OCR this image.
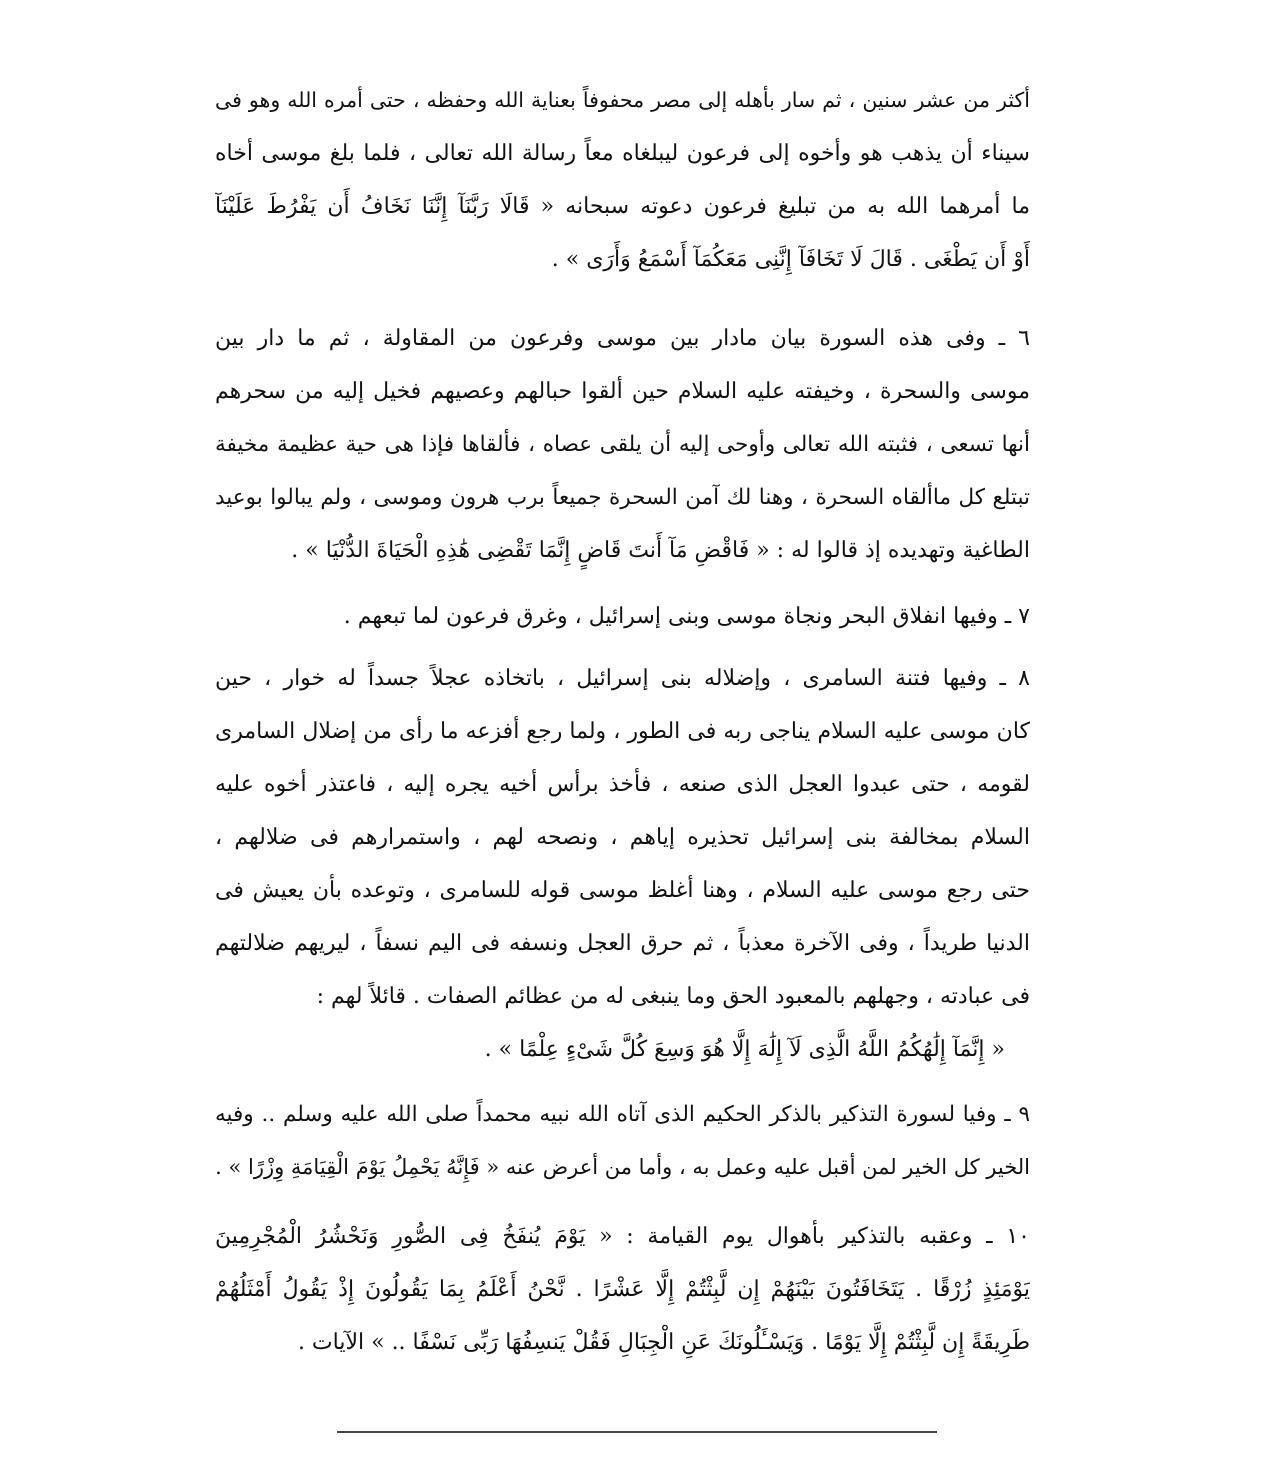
أكثر من عشر سنين ، ثم سار بأهله إلى مصر محفوفاً بعناية الله وحفظه ، حتى أمره الله وهو فى
سيناء أن يذهب هو وأخوه إلى فرعون ليبلغاه معاً رسالة الله تعالى ، فلما بلغ موسى أخاه
ما أمرهما الله به من تبليغ فرعون دعوته سبحانه « قَالَا رَبَّنَآ إِنَّنَا نَخَافُ أَن يَفْرُطَ عَلَيْنَآ
أَوْ أَن يَطْغَى . قَالَ لَا تَخَافَآ إِنَّنِى مَعَكُمَآ أَسْمَعُ وَأَرَى » .
٦ ـ وفى هذه السورة بيان مادار بين موسى وفرعون من المقاولة ، ثم ما دار بين
موسى والسحرة ، وخيفته عليه السلام حين ألقوا حبالهم وعصيهم فخيل إليه من سحرهم
أنها تسعى ، فثبته الله تعالى وأوحى إليه أن يلقى عصاه ، فألقاها فإذا هى حية عظيمة مخيفة
تبتلع كل ماألقاه السحرة ، وهنا لك آمن السحرة جميعاً برب هرون وموسى ، ولم يبالوا بوعيد
الطاغية وتهديده إذ قالوا له : « فَاقْضِ مَآ أَنتَ قَاضٍ إِنَّمَا تَقْضِى هَٰذِهِ الْحَيَاةَ الدُّنْيَا » .
٧ ـ وفيها انفلاق البحر ونجاة موسى وبنى إسرائيل ، وغرق فرعون لما تبعهم .
٨ ـ وفيها فتنة السامرى ، وإضلاله بنى إسرائيل ، باتخاذه عجلاً جسداً له خوار ، حين
كان موسى عليه السلام يناجى ربه فى الطور ، ولما رجع أفزعه ما رأى من إضلال السامرى
لقومه ، حتى عبدوا العجل الذى صنعه ، فأخذ برأس أخيه يجره إليه ، فاعتذر أخوه عليه
السلام بمخالفة بنى إسرائيل تحذيره إياهم ، ونصحه لهم ، واستمرارهم فى ضلالهم ،
حتى رجع موسى عليه السلام ، وهنا أغلظ موسى قوله للسامرى ، وتوعده بأن يعيش فى
الدنيا طريداً ، وفى الآخرة معذباً ، ثم حرق العجل ونسفه فى اليم نسفاً ، ليريهم ضلالتهم
فى عبادته ، وجهلهم بالمعبود الحق وما ينبغى له من عظائم الصفات . قائلاً لهم :
« إِنَّمَآ إِلَٰهُكُمُ اللَّهُ الَّذِى لَآ إِلَٰهَ إِلَّا هُوَ وَسِعَ كُلَّ شَىْءٍ عِلْمًا » .
٩ ـ وفيا لسورة التذكير بالذكر الحكيم الذى آتاه الله نبيه محمداً صلى الله عليه وسلم .. وفيه
الخير كل الخير لمن أقبل عليه وعمل به ، وأما من أعرض عنه « فَإِنَّهُ يَحْمِلُ يَوْمَ الْقِيَامَةِ وِزْرًا » .
١٠ ـ وعقبه بالتذكير بأهوال يوم القيامة : « يَوْمَ يُنفَخُ فِى الصُّورِ وَنَحْشُرُ الْمُجْرِمِينَ
يَوْمَئِذٍ زُرْقًا . يَتَخَافَتُونَ بَيْنَهُمْ إِن لَّبِثْتُمْ إِلَّا عَشْرًا . نَّحْنُ أَعْلَمُ بِمَا يَقُولُونَ إِذْ يَقُولُ أَمْثَلُهُمْ
طَرِيقَةً إِن لَّبِثْتُمْ إِلَّا يَوْمًا . وَيَسْـَٔلُونَكَ عَنِ الْجِبَالِ فَقُلْ يَنسِفُهَا رَبِّى نَسْفًا .. » الآيات .
